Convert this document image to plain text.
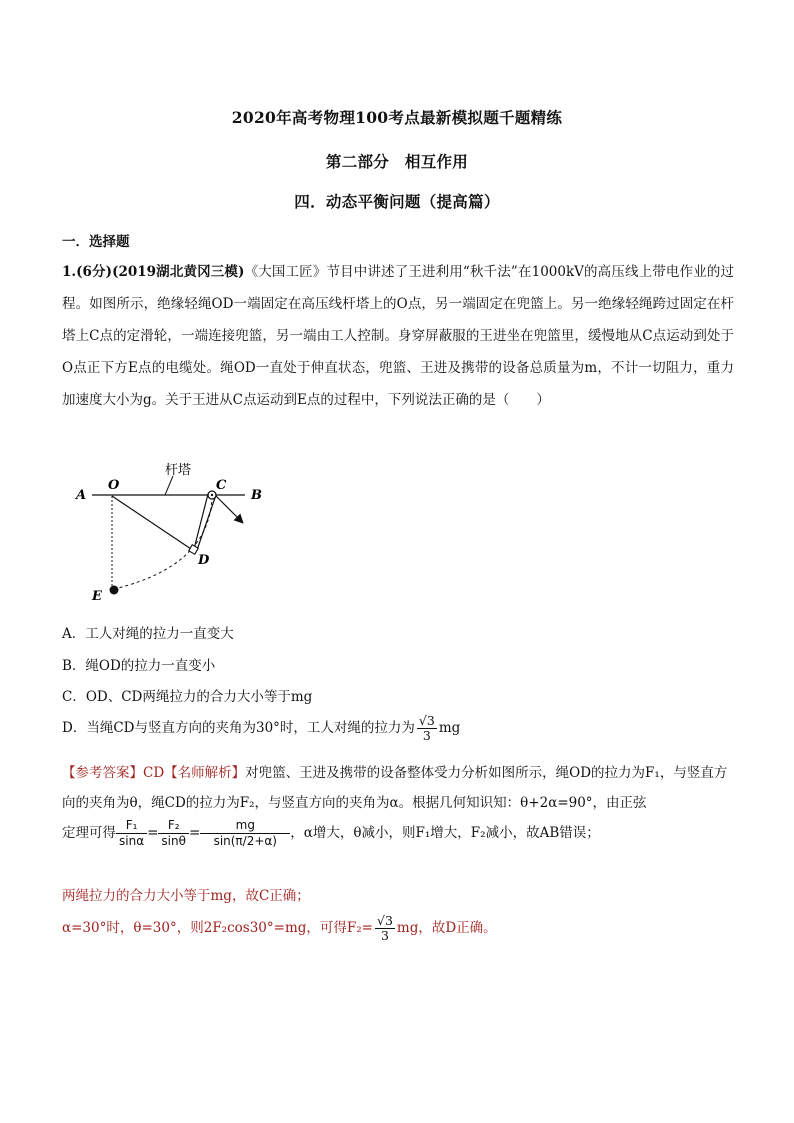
2020年高考物理100考点最新模拟题千题精练
第二部分　相互作用
四．动态平衡问题（提高篇）
一．选择题
1.(6分)(2019湖北黄冈三模)《大国工匠》节目中讲述了王进利用“秋千法”在1000kV的高压线上带电作业的过程。如图所示，绝缘轻绳OD一端固定在高压线杆塔上的O点，另一端固定在兜篮上。另一绝缘轻绳跨过固定在杆塔上C点的定滑轮，一端连接兜篮，另一端由工人控制。身穿屏蔽服的王进坐在兜篮里，缓慢地从C点运动到处于O点正下方E点的电缆处。绳OD一直处于伸直状态，兜篮、王进及携带的设备总质量为m，不计一切阻力，重力加速度大小为g。关于王进从C点运动到E点的过程中，下列说法正确的是（　　）
杆塔
A
O	C
B
D
E
A．工人对绳的拉力一直变大
B．绳OD的拉力一直变小
C．OD、CD两绳拉力的合力大小等于mg
D．当绳CD与竖直方向的夹角为30°时，工人对绳的拉力为 $\frac{√3}{3}$ mg
【参考答案】CD【名师解析】对兜篮、王进及携带的设备整体受力分析如图所示，绳OD的拉力为F₁，与竖直方向的夹角为θ，绳CD的拉力为F₂，与竖直方向的夹角为α。根据几何知识知：θ+2α=90°，由正弦
定理可得 $\frac{\text{F₁}}{\sin\alpha} = \frac{\text{F₂}}{\sin\theta} = \frac{mg}{\sin(\pi/2+\alpha)}$ ，α增大，θ减小，则F₁增大，F₂减小，故AB错误；
两绳拉力的合力大小等于mg，故C正确；
α=30°时，θ=30°，则2F₂cos30°=mg，可得$F_2= \frac{√3}{3}$ mg，故D正确。
